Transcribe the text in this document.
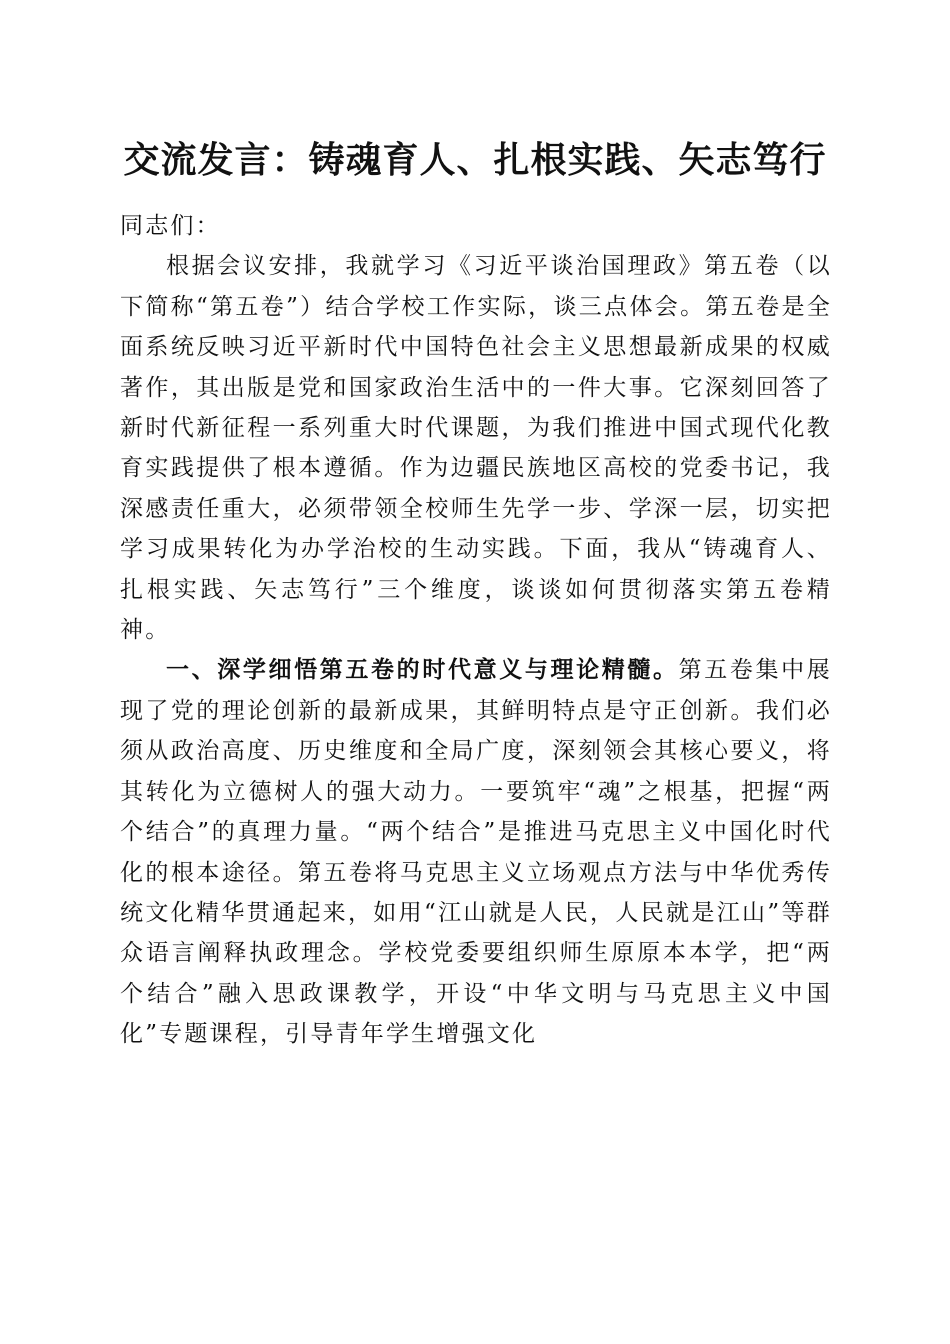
交流发言：铸魂育人、扎根实践、矢志笃行

同志们：

根据会议安排，我就学习《习近平谈治国理政》第五卷（以下简称“第五卷”）结合学校工作实际，谈三点体会。第五卷是全面系统反映习近平新时代中国特色社会主义思想最新成果的权威著作，其出版是党和国家政治生活中的一件大事。它深刻回答了新时代新征程一系列重大时代课题，为我们推进中国式现代化教育实践提供了根本遵循。作为边疆民族地区高校的党委书记，我深感责任重大，必须带领全校师生先学一步、学深一层，切实把学习成果转化为办学治校的生动实践。下面，我从“铸魂育人、扎根实践、矢志笃行”三个维度，谈谈如何贯彻落实第五卷精神。

一、深学细悟第五卷的时代意义与理论精髓。第五卷集中展现了党的理论创新的最新成果，其鲜明特点是守正创新。我们必须从政治高度、历史维度和全局广度，深刻领会其核心要义，将其转化为立德树人的强大动力。一要筑牢“魂”之根基，把握“两个结合”的真理力量。“两个结合”是推进马克思主义中国化时代化的根本途径。第五卷将马克思主义立场观点方法与中华优秀传统文化精华贯通起来，如用“江山就是人民，人民就是江山”等群众语言阐释执政理念。学校党委要组织师生原原本本学，把“两个结合”融入思政课教学，开设“中华文明与马克思主义中国化”专题课程，引导青年学生增强文化
